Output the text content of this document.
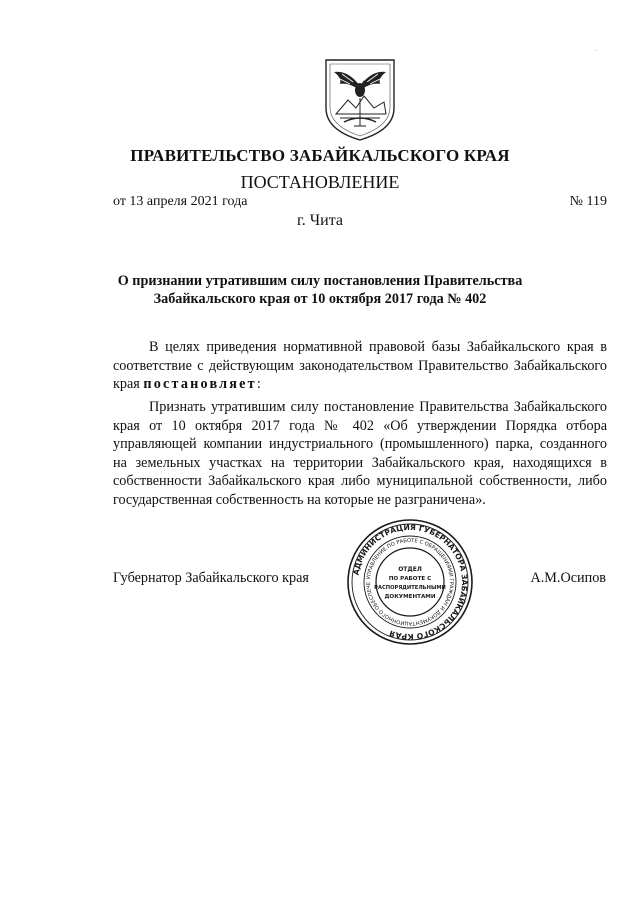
ПРАВИТЕЛЬСТВО ЗАБАЙКАЛЬСКОГО КРАЯ
ПОСТАНОВЛЕНИЕ
от 13 апреля 2021 года	№ 119
г. Чита
О признании утратившим силу постановления Правительства
Забайкальского края от 10 октября 2017 года № 402
В целях приведения нормативной правовой базы Забайкальского края в соответствие с действующим законодательством Правительство Забайкальского края постановляет:
Признать утратившим силу постановление Правительства Забайкальского края от 10 октября 2017 года № 402 «Об утверждении Порядка отбора управляющей компании индустриального (промышленного) парка, созданного на земельных участках на территории Забайкальского края, находящихся в собственности Забайкальского края либо муниципальной собственности, либо государственная собственность на которые не разграничена».
Губернатор Забайкальского края	А.М.Осипов
АДМИНИСТРАЦИЯ ГУБЕРНАТОРА ЗАБАЙКАЛЬСКОГО КРАЯ
УПРАВЛЕНИЕ ПО РАБОТЕ С ОБРАЩЕНИЯМИ ГРАЖДАН И ДОКУМЕНТАЦИОННОГО ОБЕСПЕЧЕ
ОТДЕЛ
ПО РАБОТЕ С
РАСПОРЯДИТЕЛЬНЫМИ
ДОКУМЕНТАМИ
